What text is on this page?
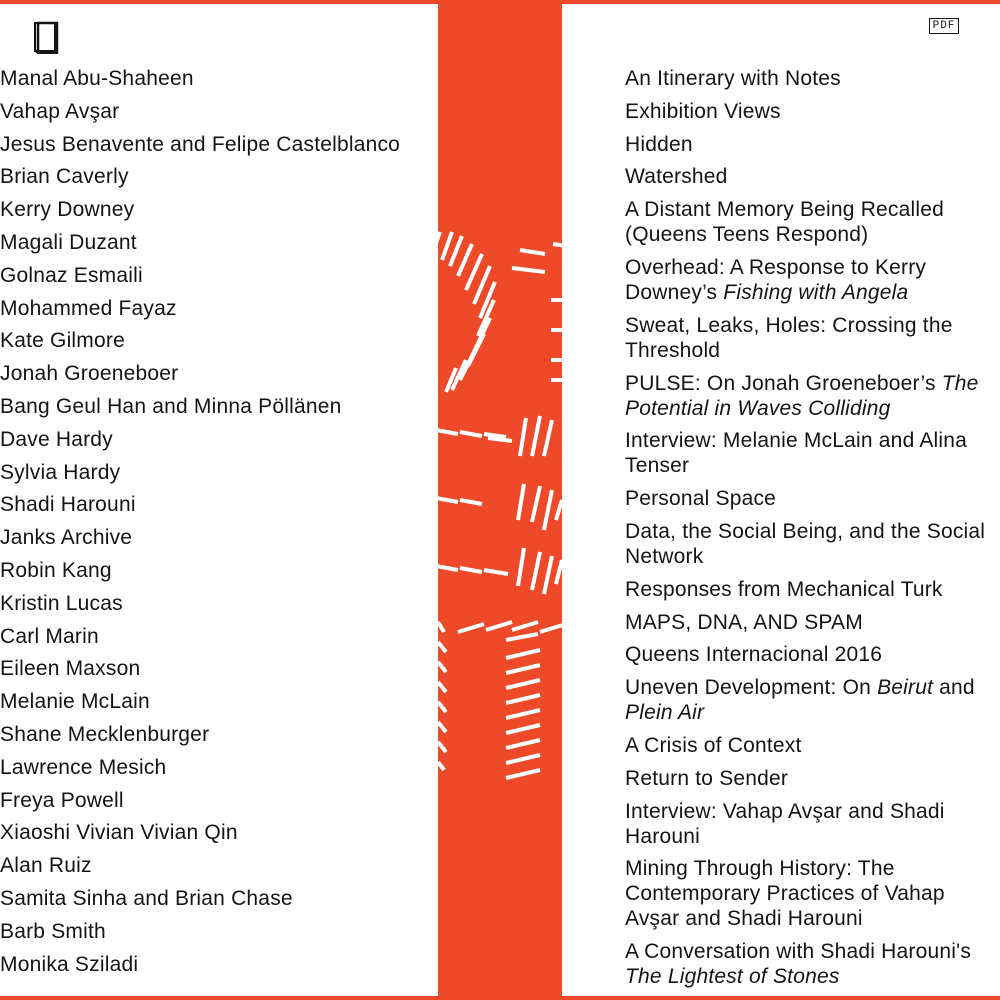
Manal Abu-Shaheen
Vahap Avşar
Jesus Benavente and Felipe Castelblanco
Brian Caverly
Kerry Downey
Magali Duzant
Golnaz Esmaili
Mohammed Fayaz
Kate Gilmore
Jonah Groeneboer
Bang Geul Han and Minna Pöllänen
Dave Hardy
Sylvia Hardy
Shadi Harouni
Janks Archive
Robin Kang
Kristin Lucas
Carl Marin
Eileen Maxson
Melanie McLain
Shane Mecklenburger
Lawrence Mesich
Freya Powell
Xiaoshi Vivian Vivian Qin
Alan Ruiz
Samita Sinha and Brian Chase
Barb Smith
Monika Sziladi
PDF
An Itinerary with Notes
Exhibition Views
Hidden
Watershed
A Distant Memory Being Recalled (Queens Teens Respond)
Overhead: A Response to Kerry Downey’s Fishing with Angela
Sweat, Leaks, Holes: Crossing the Threshold
PULSE: On Jonah Groeneboer’s The Potential in Waves Colliding
Interview: Melanie McLain and Alina Tenser
Personal Space
Data, the Social Being, and the Social Network
Responses from Mechanical Turk
MAPS, DNA, AND SPAM
Queens Internacional 2016
Uneven Development: On Beirut and Plein Air
A Crisis of Context
Return to Sender
Interview: Vahap Avşar and Shadi Harouni
Mining Through History: The Contemporary Practices of Vahap Avşar and Shadi Harouni
A Conversation with Shadi Harouni's The Lightest of Stones
